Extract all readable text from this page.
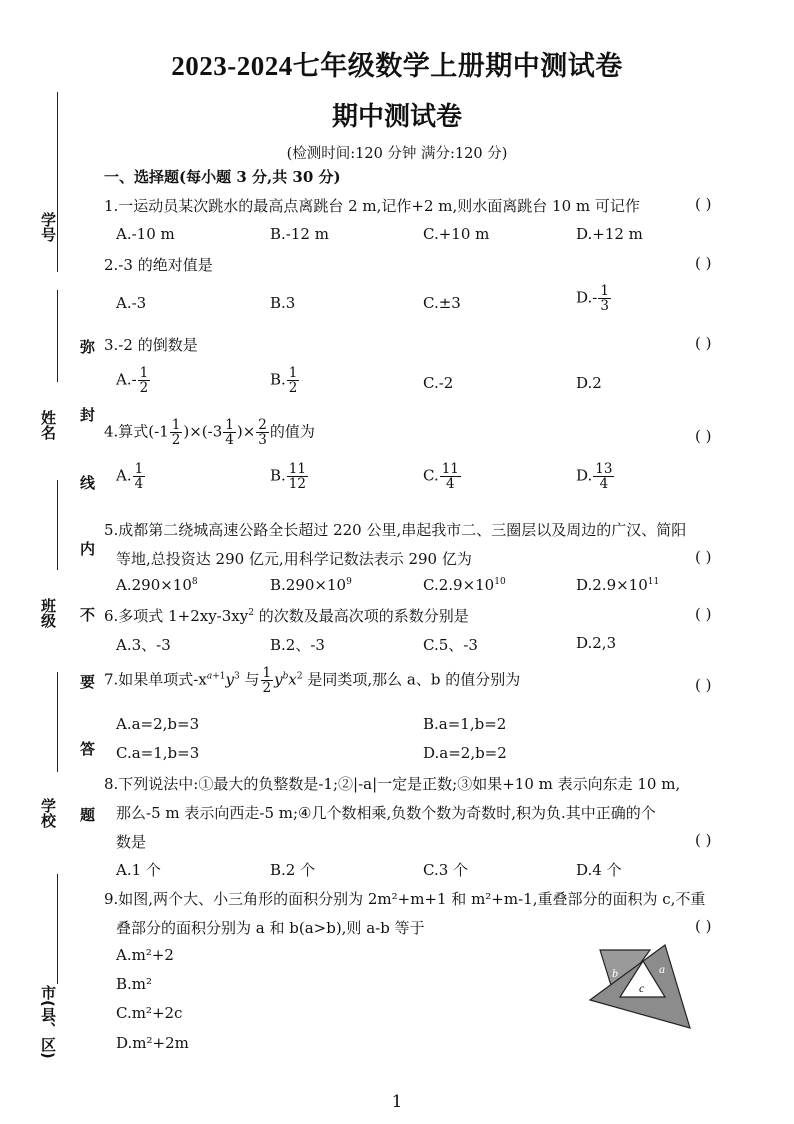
2023-2024七年级数学上册期中测试卷
期中测试卷
(检测时间:120 分钟 满分:120 分)
学号
姓名
班级
学校
市(县、区)
弥
封
线
内
不
要
答
题
一、选择题(每小题 3 分,共 30 分)
1.一运动员某次跳水的最高点离跳台 2 m,记作+2 m,则水面离跳台 10 m 可记作	( )
A.-10 m	B.-12 m	C.+10 m	D.+12 m
2.-3 的绝对值是	( )
A.-3	B.3	C.±3	$D.- \frac{1}{3}$
3.-2 的倒数是	( )
$A.- \frac{1}{2}$	B. $\frac{1}{2}$	C.-2	D.2
4.算式$(-1 \frac{1}{2} )\times(-3 \frac{1}{4}$ )× $\frac{2}{3}$ 的值为	( )
A. $\frac{1}{4}$	B. $\frac{11}{12}$	C. $\frac{11}{4}$	D. $\frac{13}{4}$
5.成都第二绕城高速公路全长超过 220 公里,串起我市二、三圈层以及周边的广汉、简阳
等地,总投资达 290 亿元,用科学记数法表示 290 亿为	( )
$A.290\times 10^8$	$B.290\times 10^9$	$C.2.9\times 10^{10}$	$D.2.9\times 10^{11}$
6.多项式 $1+2xy-3xy^2$ 的次数及最高次项的系数分别是	( )
A.3、-3	B.2、-3	C.5、-3	D.2,3
7.如果单项式$-x^{a+1}y^3$ 与 $\frac{1}{2} y^bx^2$ 是同类项,那么 a、b 的值分别为	( )
A.a=2,b=3	B.a=1,b=2
C.a=1,b=3	D.a=2,b=2
8.下列说法中:①最大的负整数是-1;②|-a|一定是正数;③如果+10 m 表示向东走 10 m,
那么-5 m 表示向西走-5 m;④几个数相乘,负数个数为奇数时,积为负.其中正确的个
数是	( )
A.1 个	B.2 个	C.3 个	D.4 个
9.如图,两个大、小三角形的面积分别为 2m²+m+1 和 m²+m-1,重叠部分的面积为 c,不重
叠部分的面积分别为 a 和 b(a>b),则 a-b 等于	( )
A.m²+2
B.m²
C.m²+2c
D.m²+2m
b	a
c
1
